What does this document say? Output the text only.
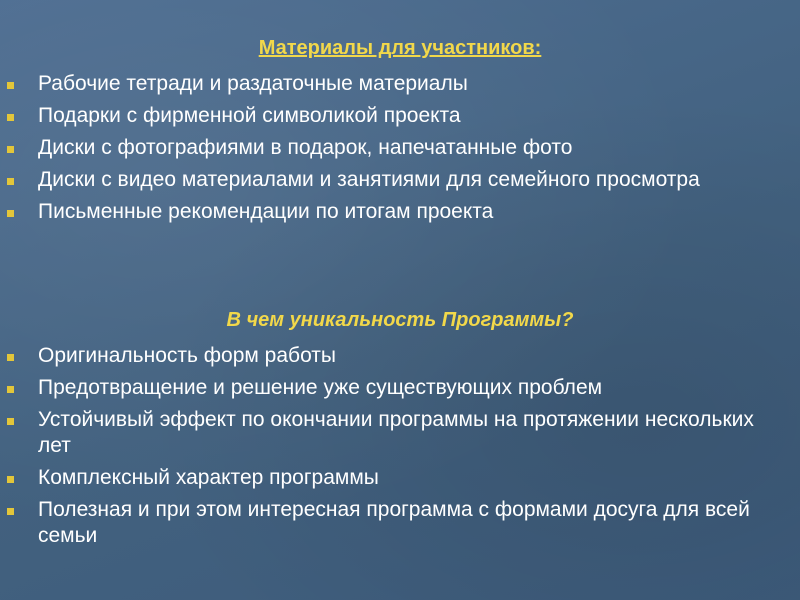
Материалы для участников:
Рабочие тетради и раздаточные материалы
Подарки с фирменной символикой проекта
Диски с фотографиями в подарок, напечатанные фото
Диски с видео материалами и занятиями для семейного просмотра
Письменные рекомендации по итогам проекта
В чем уникальность Программы?
Оригинальность форм работы
Предотвращение и решение уже существующих проблем
Устойчивый эффект по окончании программы на протяжении нескольких лет
Комплексный характер программы
Полезная и при этом интересная программа с формами досуга для всей семьи
